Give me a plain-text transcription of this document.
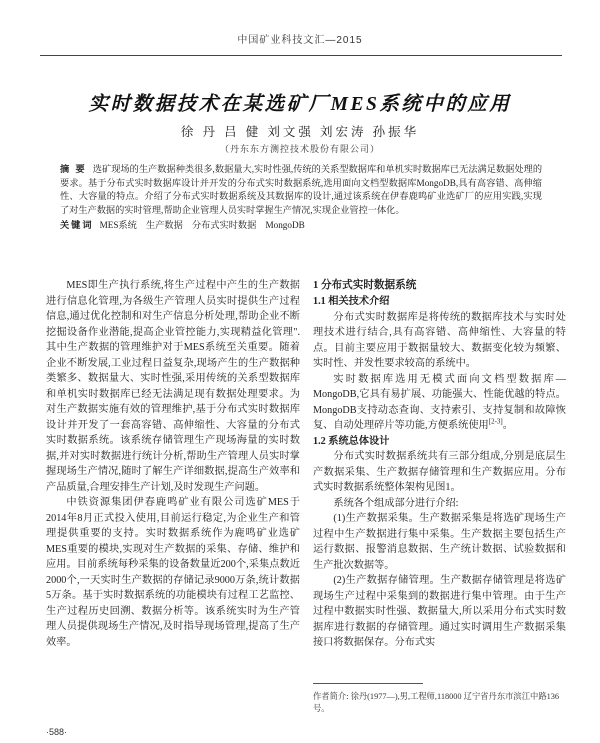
中国矿业科技文汇—2015
实时数据技术在某选矿厂MES系统中的应用
徐 丹 吕 健 刘文强 刘宏涛 孙振华
（丹东东方测控技术股份有限公司）
摘 要 选矿现场的生产数据种类很多,数据量大,实时性强,传统的关系型数据库和单机实时数据库已无法满足数据处理的要求。基于分布式实时数据库设计并开发的分布式实时数据系统,选用面向文档型数据库MongoDB,具有高容错、高伸缩性、大容量的特点。介绍了分布式实时数据系统及其数据库的设计,通过该系统在伊春鹿鸣矿业选矿厂的应用实践,实现了对生产数据的实时管理,帮助企业管理人员实时掌握生产情况,实现企业管控一体化。
关键词 MES系统　生产数据　分布式实时数据　MongoDB

MES即生产执行系统,将生产过程中产生的生产数据进行信息化管理,为各级生产管理人员实时提供生产过程信息,通过优化控制和对生产信息分析处理,帮助企业不断挖掘设备作业潜能,提高企业管控能力,实现精益化管理". 其中生产数据的管理维护对于MES系统至关重要。随着企业不断发展,工业过程日益复杂,现场产生的生产数据种类繁多、数据量大、实时性强,采用传统的关系型数据库和单机实时数据库已经无法满足现有数据处理要求。为对生产数据实施有效的管理维护,基于分布式实时数据库设计并开发了一套高容错、高伸缩性、大容量的分布式实时数据系统。该系统存储管理生产现场海量的实时数据,并对实时数据进行统计分析,帮助生产管理人员实时掌握现场生产情况,随时了解生产详细数据,提高生产效率和产品质量,合理安排生产计划,及时发现生产问题。

中铁资源集团伊春鹿鸣矿业有限公司选矿MES于2014年8月正式投入使用,目前运行稳定,为企业生产和管理提供重要的支持。实时数据系统作为鹿鸣矿业选矿MES重要的模块,实现对生产数据的采集、存储、维护和应用。目前系统每秒采集的设备数量近200个,采集点数近2000个,一天实时生产数据的存储记录9000万条,统计数据5万条。基于实时数据系统的功能模块有过程工艺监控、生产过程历史回溯、数据分析等。该系统实时为生产管理人员提供现场生产情况,及时指导现场管理,提高了生产效率。

1 分布式实时数据系统
1.1 相关技术介绍

分布式实时数据库是将传统的数据库技术与实时处理技术进行结合,具有高容错、高伸缩性、大容量的特点。目前主要应用于数据量较大、数据变化较为频繁、实时性、并发性要求较高的系统中。

实时数据库选用无模式面向文档型数据库—MongoDB,它具有易扩展、功能强大、性能优越的特点。MongoDB支持动态查询、支持索引、支持复制和故障恢复、自动处理碎片等功能,方便系统使用[2-3]。

1.2 系统总体设计

分布式实时数据系统共有三部分组成,分别是底层生产数据采集、生产数据存储管理和生产数据应用。分布式实时数据系统整体架构见图1。

系统各个组成部分进行介绍:

(1)生产数据采集。生产数据采集是将选矿现场生产过程中生产数据进行集中采集。生产数据主要包括生产运行数据、报警消息数据、生产统计数据、试验数据和生产批次数据等。

(2)生产数据存储管理。生产数据存储管理是将选矿现场生产过程中采集到的数据进行集中管理。由于生产过程中数据实时性强、数据量大,所以采用分布式实时数据库进行数据的存储管理。通过实时调用生产数据采集接口将数据保存。分布式实

作者简介: 徐丹(1977—),男,工程师,118000 辽宁省丹东市滨江中路136号。
·588·
